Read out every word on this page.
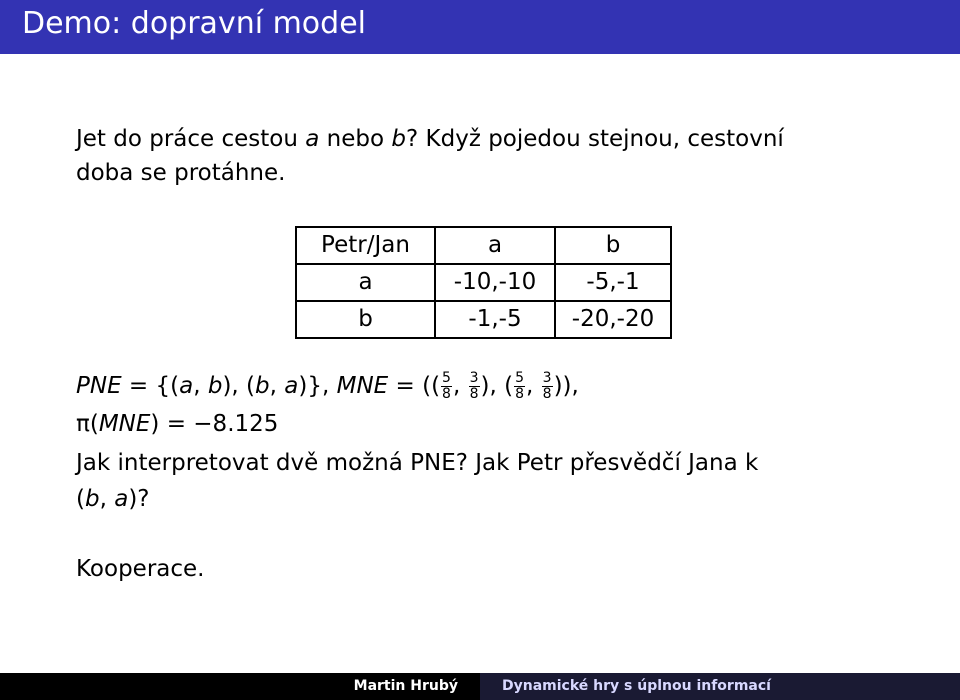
Demo: dopravní model

Jet do práce cestou a nebo b? Když pojedou stejnou, cestovní
doba se protáhne.

Petr/Jan	a	b
a	-10,-10	-5,-1
b	-1,-5	-20,-20
PNE = {(a, b), (b, a)}, MNE = (( $\frac{5}{8}$ , $\frac{3}{8}$ ), ( $\frac{5}{8}$ , $\frac{3}{8}$ )),
π(MNE) = −8.125

Jak interpretovat dvě možná PNE? Jak Petr přesvědčí Jana k
(b, a)?

Kooperace.
Martin Hrubý	Dynamické hry s úplnou informací
